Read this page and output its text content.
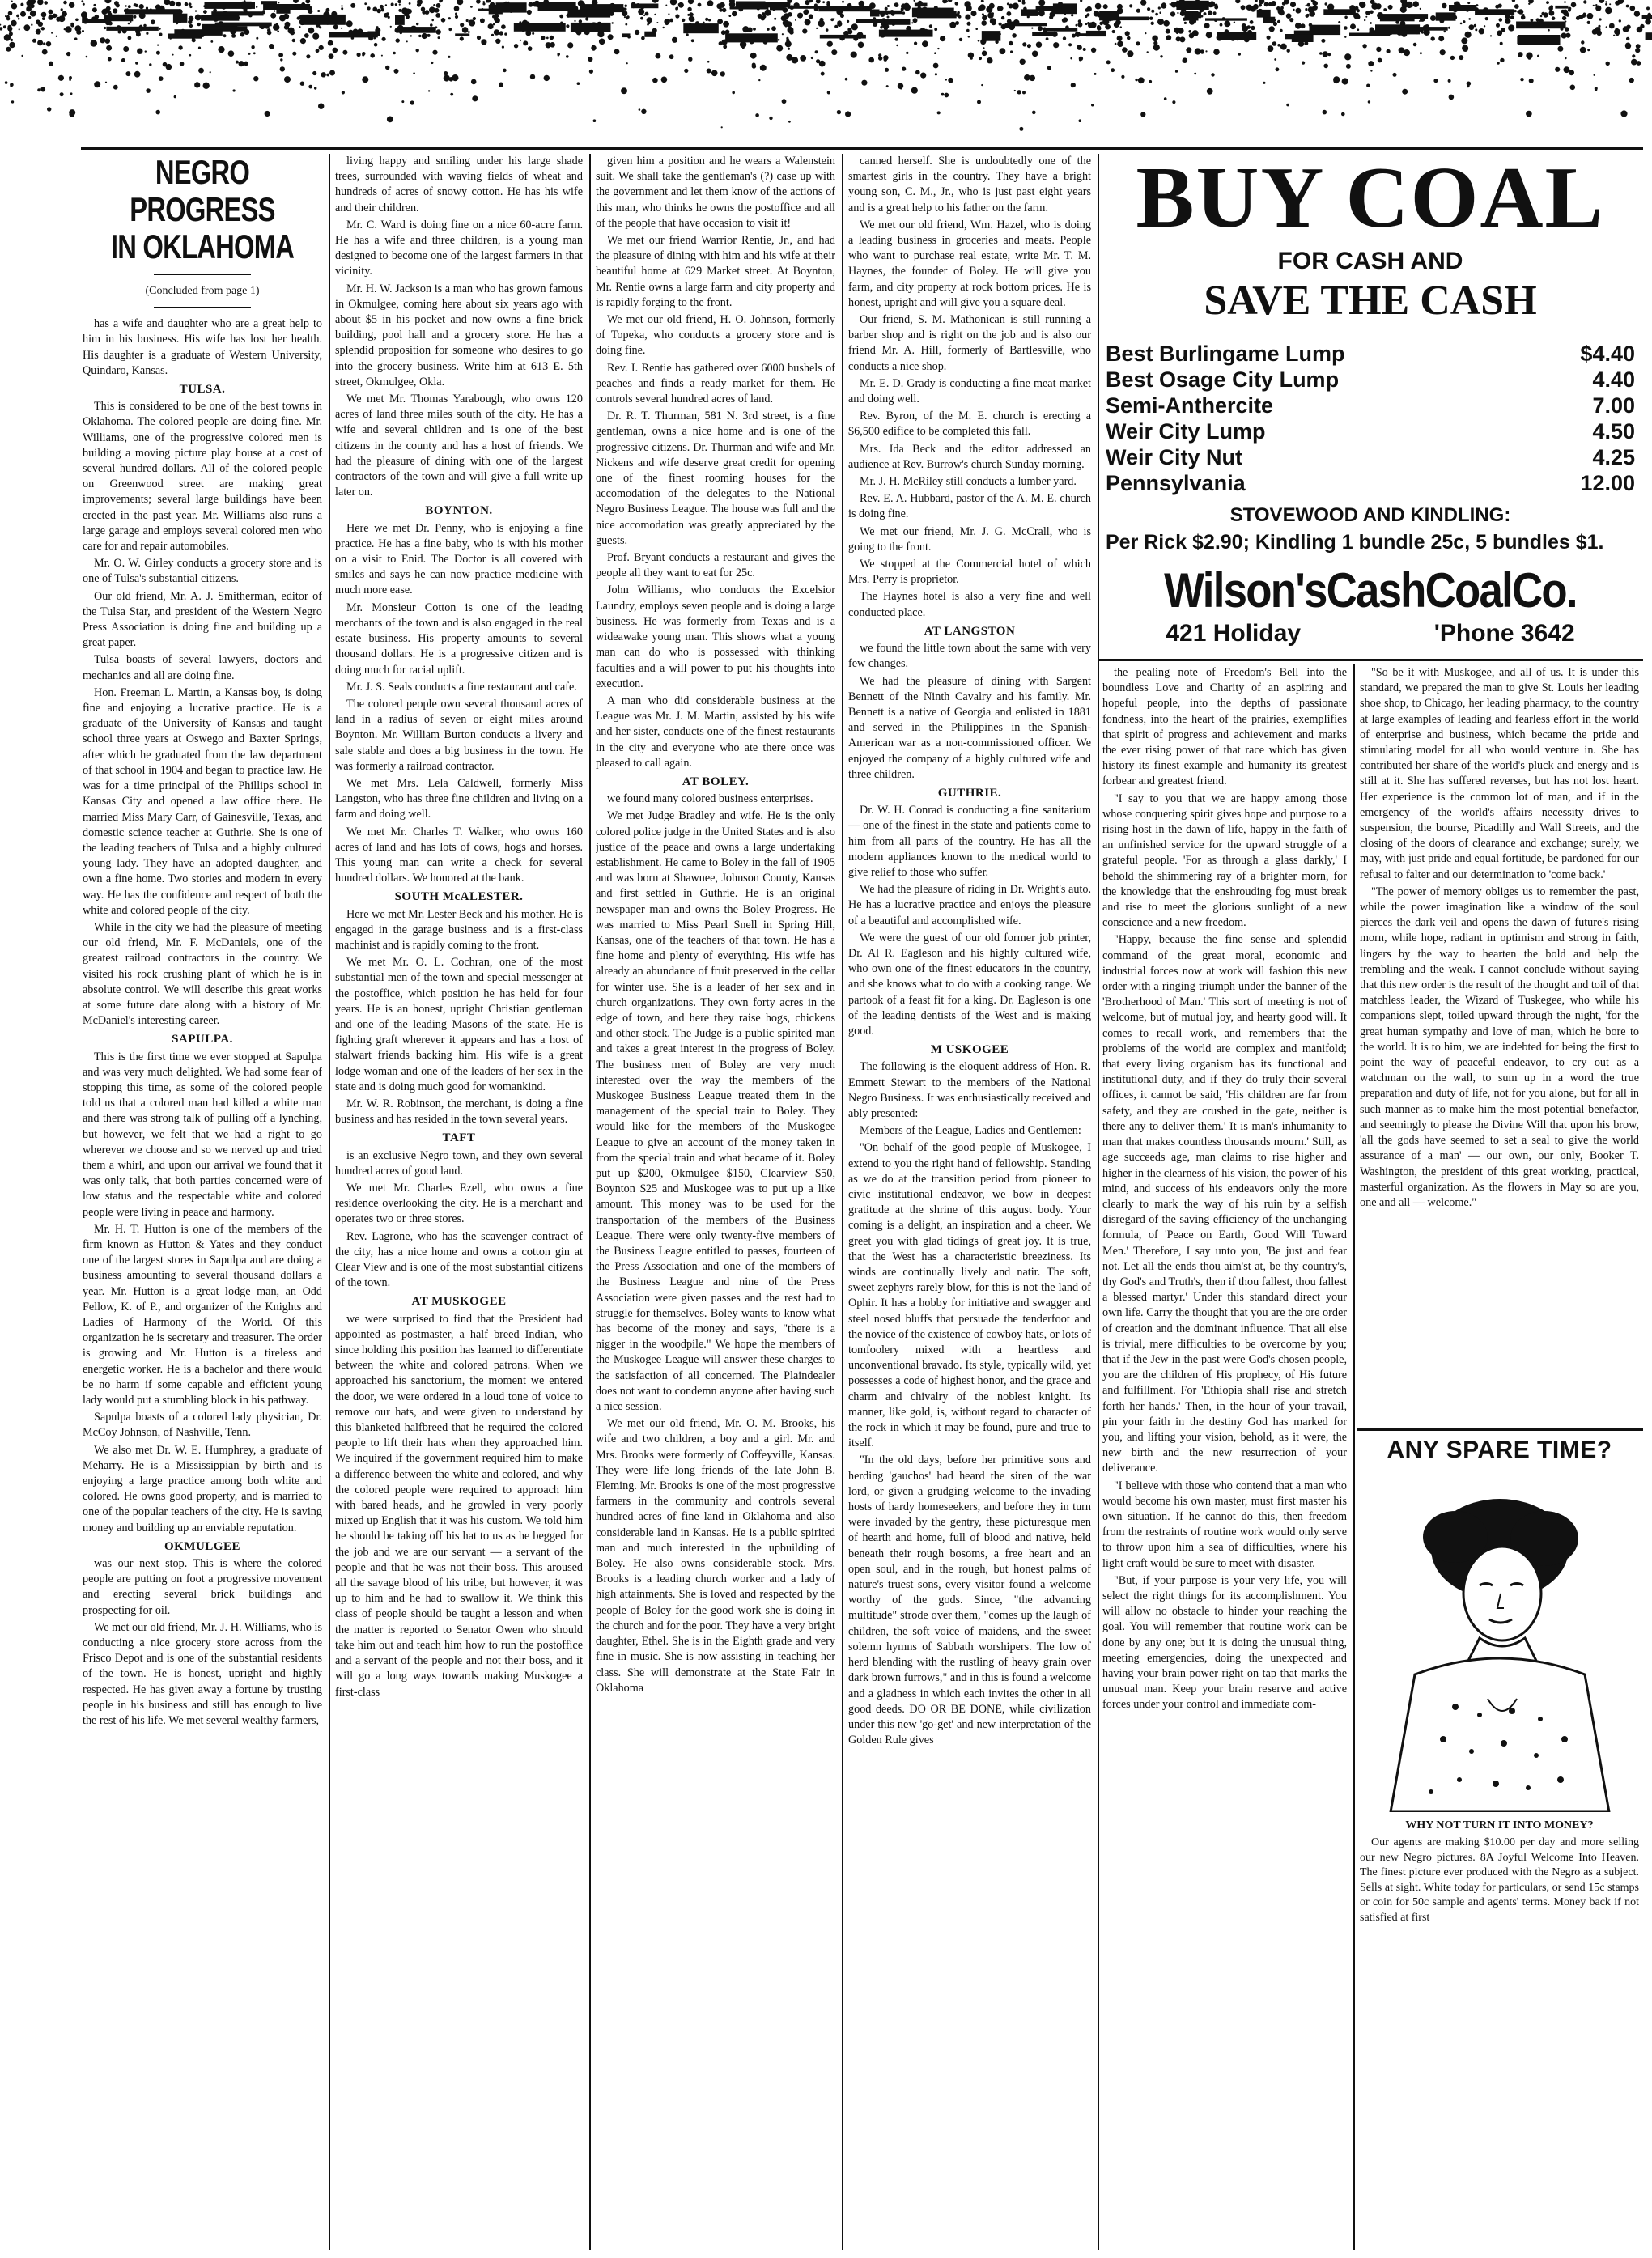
NEGRO PROGRESS
IN OKLAHOMA
(Concluded from page 1)

has a wife and daughter who are a great help to him in his business. His wife has lost her health. His daughter is a graduate of Western University, Quindaro, Kansas.

TULSA.

This is considered to be one of the best towns in Oklahoma. The colored people are doing fine. Mr. Williams, one of the progressive colored men is building a moving picture play house at a cost of several hundred dollars. All of the colored people on Greenwood street are making great improvements; several large buildings have been erected in the past year. Mr. Williams also runs a large garage and employs several colored men who care for and repair automobiles.

Mr. O. W. Girley conducts a grocery store and is one of Tulsa's substantial citizens.

Our old friend, Mr. A. J. Smitherman, editor of the Tulsa Star, and president of the Western Negro Press Association is doing fine and building up a great paper.

Tulsa boasts of several lawyers, doctors and mechanics and all are doing fine.

Hon. Freeman L. Martin, a Kansas boy, is doing fine and enjoying a lucrative practice. He is a graduate of the University of Kansas and taught school three years at Oswego and Baxter Springs, after which he graduated from the law department of that school in 1904 and began to practice law. He was for a time principal of the Phillips school in Kansas City and opened a law office there. He married Miss Mary Carr, of Gainesville, Texas, and domestic science teacher at Guthrie. She is one of the leading teachers of Tulsa and a highly cultured young lady. They have an adopted daughter, and own a fine home. Two stories and modern in every way. He has the confidence and respect of both the white and colored people of the city.

While in the city we had the pleasure of meeting our old friend, Mr. F. McDaniels, one of the greatest railroad contractors in the country. We visited his rock crushing plant of which he is in absolute control. We will describe this great works at some future date along with a history of Mr. McDaniel's interesting career.

SAPULPA.

This is the first time we ever stopped at Sapulpa and was very much delighted. We had some fear of stopping this time, as some of the colored people told us that a colored man had killed a white man and there was strong talk of pulling off a lynching, but however, we felt that we had a right to go wherever we choose and so we nerved up and tried them a whirl, and upon our arrival we found that it was only talk, that both parties concerned were of low status and the respectable white and colored people were living in peace and harmony.

Mr. H. T. Hutton is one of the members of the firm known as Hutton & Yates and they conduct one of the largest stores in Sapulpa and are doing a business amounting to several thousand dollars a year. Mr. Hutton is a great lodge man, an Odd Fellow, K. of P., and organizer of the Knights and Ladies of Harmony of the World. Of this organization he is secretary and treasurer. The order is growing and Mr. Hutton is a tireless and energetic worker. He is a bachelor and there would be no harm if some capable and efficient young lady would put a stumbling block in his pathway.

Sapulpa boasts of a colored lady physician, Dr. McCoy Johnson, of Nashville, Tenn.

We also met Dr. W. E. Humphrey, a graduate of Meharry. He is a Mississippian by birth and is enjoying a large practice among both white and colored. He owns good property, and is married to one of the popular teachers of the city. He is saving money and building up an enviable reputation.

OKMULGEE

was our next stop. This is where the colored people are putting on foot a progressive movement and erecting several brick buildings and prospecting for oil.

We met our old friend, Mr. J. H. Williams, who is conducting a nice grocery store across from the Frisco Depot and is one of the substantial residents of the town. He is honest, upright and highly respected. He has given away a fortune by trusting people in his business and still has enough to live the rest of his life. We met several wealthy farmers,

living happy and smiling under his large shade trees, surrounded with waving fields of wheat and hundreds of acres of snowy cotton. He has his wife and their children.

Mr. C. Ward is doing fine on a nice 60-acre farm. He has a wife and three children, is a young man designed to become one of the largest farmers in that vicinity.

Mr. H. W. Jackson is a man who has grown famous in Okmulgee, coming here about six years ago with about $5 in his pocket and now owns a fine brick building, pool hall and a grocery store. He has a splendid proposition for someone who desires to go into the grocery business. Write him at 613 E. 5th street, Okmulgee, Okla.

We met Mr. Thomas Yarabough, who owns 120 acres of land three miles south of the city. He has a wife and several children and is one of the best citizens in the county and has a host of friends. We had the pleasure of dining with one of the largest contractors of the town and will give a full write up later on.

BOYNTON.

Here we met Dr. Penny, who is enjoying a fine practice. He has a fine baby, who is with his mother on a visit to Enid. The Doctor is all covered with smiles and says he can now practice medicine with much more ease.

Mr. Monsieur Cotton is one of the leading merchants of the town and is also engaged in the real estate business. His property amounts to several thousand dollars. He is a progressive citizen and is doing much for racial uplift.

Mr. J. S. Seals conducts a fine restaurant and cafe.

The colored people own several thousand acres of land in a radius of seven or eight miles around Boynton. Mr. William Burton conducts a livery and sale stable and does a big business in the town. He was formerly a railroad contractor.

We met Mrs. Lela Caldwell, formerly Miss Langston, who has three fine children and living on a farm and doing well.

We met Mr. Charles T. Walker, who owns 160 acres of land and has lots of cows, hogs and horses. This young man can write a check for several hundred dollars. We honored at the bank.

SOUTH McALESTER.

Here we met Mr. Lester Beck and his mother. He is engaged in the garage business and is a first-class machinist and is rapidly coming to the front.

We met Mr. O. L. Cochran, one of the most substantial men of the town and special messenger at the postoffice, which position he has held for four years. He is an honest, upright Christian gentleman and one of the leading Masons of the state. He is fighting graft wherever it appears and has a host of stalwart friends backing him. His wife is a great lodge woman and one of the leaders of her sex in the state and is doing much good for womankind.

Mr. W. R. Robinson, the merchant, is doing a fine business and has resided in the town several years.

TAFT

is an exclusive Negro town, and they own several hundred acres of good land.

We met Mr. Charles Ezell, who owns a fine residence overlooking the city. He is a merchant and operates two or three stores.

Rev. Lagrone, who has the scavenger contract of the city, has a nice home and owns a cotton gin at Clear View and is one of the most substantial citizens of the town.

AT MUSKOGEE

we were surprised to find that the President had appointed as postmaster, a half breed Indian, who since holding this position has learned to differentiate between the white and colored patrons. When we approached his sanctorium, the moment we entered the door, we were ordered in a loud tone of voice to remove our hats, and were given to understand by this blanketed halfbreed that he required the colored people to lift their hats when they approached him. We inquired if the government required him to make a difference between the white and colored, and why the colored people were required to approach him with bared heads, and he growled in very poorly mixed up English that it was his custom. We told him he should be taking off his hat to us as he begged for the job and we are our servant — a servant of the people and that he was not their boss. This aroused all the savage blood of his tribe, but however, it was up to him and he had to swallow it. We think this class of people should be taught a lesson and when the matter is reported to Senator Owen who should take him out and teach him how to run the postoffice and a servant of the people and not their boss, and it will go a long ways towards making Muskogee a first-class

given him a position and he wears a Walenstein suit. We shall take the gentleman's (?) case up with the government and let them know of the actions of this man, who thinks he owns the postoffice and all of the people that have occasion to visit it!

We met our friend Warrior Rentie, Jr., and had the pleasure of dining with him and his wife at their beautiful home at 629 Market street. At Boynton, Mr. Rentie owns a large farm and city property and is rapidly forging to the front.

We met our old friend, H. O. Johnson, formerly of Topeka, who conducts a grocery store and is doing fine.

Rev. I. Rentie has gathered over 6000 bushels of peaches and finds a ready market for them. He controls several hundred acres of land.

Dr. R. T. Thurman, 581 N. 3rd street, is a fine gentleman, owns a nice home and is one of the progressive citizens. Dr. Thurman and wife and Mr. Nickens and wife deserve great credit for opening one of the finest rooming houses for the accomodation of the delegates to the National Negro Business League. The house was full and the nice accomodation was greatly appreciated by the guests.

Prof. Bryant conducts a restaurant and gives the people all they want to eat for 25c.

John Williams, who conducts the Excelsior Laundry, employs seven people and is doing a large business. He was formerly from Texas and is a wideawake young man. This shows what a young man can do who is possessed with thinking faculties and a will power to put his thoughts into execution.

A man who did considerable business at the League was Mr. J. M. Martin, assisted by his wife and her sister, conducts one of the finest restaurants in the city and everyone who ate there once was pleased to call again.

AT BOLEY.

we found many colored business enterprises.

We met Judge Bradley and wife. He is the only colored police judge in the United States and is also justice of the peace and owns a large undertaking establishment. He came to Boley in the fall of 1905 and was born at Shawnee, Johnson County, Kansas and first settled in Guthrie. He is an original newspaper man and owns the Boley Progress. He was married to Miss Pearl Snell in Spring Hill, Kansas, one of the teachers of that town. He has a fine home and plenty of everything. His wife has already an abundance of fruit preserved in the cellar for winter use. She is a leader of her sex and in church organizations. They own forty acres in the edge of town, and here they raise hogs, chickens and other stock. The Judge is a public spirited man and takes a great interest in the progress of Boley. The business men of Boley are very much interested over the way the members of the Muskogee Business League treated them in the management of the special train to Boley. They would like for the members of the Muskogee League to give an account of the money taken in from the special train and what became of it. Boley put up $200, Okmulgee $150, Clearview $50, Boynton $25 and Muskogee was to put up a like amount. This money was to be used for the transportation of the members of the Business League. There were only twenty-five members of the Business League entitled to passes, fourteen of the Press Association and one of the members of the Business League and nine of the Press Association were given passes and the rest had to struggle for themselves. Boley wants to know what has become of the money and says, "there is a nigger in the woodpile." We hope the members of the Muskogee League will answer these charges to the satisfaction of all concerned. The Plaindealer does not want to condemn anyone after having such a nice session.

We met our old friend, Mr. O. M. Brooks, his wife and two children, a boy and a girl. Mr. and Mrs. Brooks were formerly of Coffeyville, Kansas. They were life long friends of the late John B. Fleming. Mr. Brooks is one of the most progressive farmers in the community and controls several hundred acres of fine land in Oklahoma and also considerable land in Kansas. He is a public spirited man and much interested in the upbuilding of Boley. He also owns considerable stock. Mrs. Brooks is a leading church worker and a lady of high attainments. She is loved and respected by the people of Boley for the good work she is doing in the church and for the poor. They have a very bright daughter, Ethel. She is in the Eighth grade and very fine in music. She is now assisting in teaching her class. She will demonstrate at the State Fair in Oklahoma

canned herself. She is undoubtedly one of the smartest girls in the country. They have a bright young son, C. M., Jr., who is just past eight years and is a great help to his father on the farm.

We met our old friend, Wm. Hazel, who is doing a leading business in groceries and meats. People who want to purchase real estate, write Mr. T. M. Haynes, the founder of Boley. He will give you farm, and city property at rock bottom prices. He is honest, upright and will give you a square deal.

Our friend, S. M. Mathonican is still running a barber shop and is right on the job and is also our friend Mr. A. Hill, formerly of Bartlesville, who conducts a nice shop.

Mr. E. D. Grady is conducting a fine meat market and doing well.

Rev. Byron, of the M. E. church is erecting a $6,500 edifice to be completed this fall.

Mrs. Ida Beck and the editor addressed an audience at Rev. Burrow's church Sunday morning.

Mr. J. H. McRiley still conducts a lumber yard.

Rev. E. A. Hubbard, pastor of the A. M. E. church is doing fine.

We met our friend, Mr. J. G. McCrall, who is going to the front.

We stopped at the Commercial hotel of which Mrs. Perry is proprietor.

The Haynes hotel is also a very fine and well conducted place.

AT LANGSTON

we found the little town about the same with very few changes.

We had the pleasure of dining with Sargent Bennett of the Ninth Cavalry and his family. Mr. Bennett is a native of Georgia and enlisted in 1881 and served in the Philippines in the Spanish-American war as a non-commissioned officer. We enjoyed the company of a highly cultured wife and three children.

GUTHRIE.

Dr. W. H. Conrad is conducting a fine sanitarium — one of the finest in the state and patients come to him from all parts of the country. He has all the modern appliances known to the medical world to give relief to those who suffer.

We had the pleasure of riding in Dr. Wright's auto. He has a lucrative practice and enjoys the pleasure of a beautiful and accomplished wife.

We were the guest of our old former job printer, Dr. Al R. Eagleson and his highly cultured wife, who own one of the finest educators in the country, and she knows what to do with a cooking range. We partook of a feast fit for a king. Dr. Eagleson is one of the leading dentists of the West and is making good.

M USKOGEE

The following is the eloquent address of Hon. R. Emmett Stewart to the members of the National Negro Business. It was enthusiastically received and ably presented:

Members of the League, Ladies and Gentlemen:

"On behalf of the good people of Muskogee, I extend to you the right hand of fellowship. Standing as we do at the transition period from pioneer to civic institutional endeavor, we bow in deepest gratitude at the shrine of this august body. Your coming is a delight, an inspiration and a cheer. We greet you with glad tidings of great joy. It is true, that the West has a characteristic breeziness. Its winds are continually lively and natir. The soft, sweet zephyrs rarely blow, for this is not the land of Ophir. It has a hobby for initiative and swagger and steel nosed bluffs that persuade the tenderfoot and the novice of the existence of cowboy hats, or lots of tomfoolery mixed with a heartless and unconventional bravado. Its style, typically wild, yet possesses a code of highest honor, and the grace and charm and chivalry of the noblest knight. Its manner, like gold, is, without regard to character of the rock in which it may be found, pure and true to itself.

"In the old days, before her primitive sons and herding 'gauchos' had heard the siren of the war lord, or given a grudging welcome to the invading hosts of hardy homeseekers, and before they in turn were invaded by the gentry, these picturesque men of hearth and home, full of blood and native, held beneath their rough bosoms, a free heart and an open soul, and in the rough, but honest palms of nature's truest sons, every visitor found a welcome worthy of the gods. Since, "the advancing multitude" strode over them, "comes up the laugh of children, the soft voice of maidens, and the sweet solemn hymns of Sabbath worshipers. The low of herd blending with the rustling of heavy grain over dark brown furrows," and in this is found a welcome and a gladness in which each invites the other in all good deeds. DO OR BE DONE, while civilization under this new 'go-get' and new interpretation of the Golden Rule gives

BUY COAL
FOR CASH AND
SAVE THE CASH
Best Burlingame Lump	$4.40
Best Osage City Lump	4.40
Semi-Anthercite	7.00
Weir City Lump	4.50
Weir City Nut	4.25
Pennsylvania	12.00
STOVEWOOD AND KINDLING:
Per Rick $2.90; Kindling 1 bundle 25c, 5 bundles $1.
Wilson'sCashCoalCo.
421 Holiday	'Phone 3642

the pealing note of Freedom's Bell into the boundless Love and Charity of an aspiring and hopeful people, into the depths of passionate fondness, into the heart of the prairies, exemplifies that spirit of progress and achievement and marks the ever rising power of that race which has given history its finest example and humanity its greatest forbear and greatest friend.

"I say to you that we are happy among those whose conquering spirit gives hope and purpose to a rising host in the dawn of life, happy in the faith of an unfinished service for the upward struggle of a grateful people. 'For as through a glass darkly,' I behold the shimmering ray of a brighter morn, for the knowledge that the enshrouding fog must break and rise to meet the glorious sunlight of a new conscience and a new freedom.

"Happy, because the fine sense and splendid command of the great moral, economic and industrial forces now at work will fashion this new order with a ringing triumph under the banner of the 'Brotherhood of Man.' This sort of meeting is not of welcome, but of mutual joy, and hearty good will. It comes to recall work, and remembers that the problems of the world are complex and manifold; that every living organism has its functional and institutional duty, and if they do truly their several offices, it cannot be said, 'His children are far from safety, and they are crushed in the gate, neither is there any to deliver them.' It is man's inhumanity to man that makes countless thousands mourn.' Still, as age succeeds age, man claims to rise higher and higher in the clearness of his vision, the power of his mind, and success of his endeavors only the more clearly to mark the way of his ruin by a selfish disregard of the saving efficiency of the unchanging formula, of 'Peace on Earth, Good Will Toward Men.' Therefore, I say unto you, 'Be just and fear not. Let all the ends thou aim'st at, be thy country's, thy God's and Truth's, then if thou fallest, thou fallest a blessed martyr.' Under this standard direct your own life. Carry the thought that you are the ore order of creation and the dominant influence. That all else is trivial, mere difficulties to be overcome by you; that if the Jew in the past were God's chosen people, you are the children of His prophecy, of His future and fulfillment. For 'Ethiopia shall rise and stretch forth her hands.' Then, in the hour of your travail, pin your faith in the destiny God has marked for you, and lifting your vision, behold, as it were, the new birth and the new resurrection of your deliverance.

"I believe with those who contend that a man who would become his own master, must first master his own situation. If he cannot do this, then freedom from the restraints of routine work would only serve to throw upon him a sea of difficulties, where his light craft would be sure to meet with disaster.

"But, if your purpose is your very life, you will select the right things for its accomplishment. You will allow no obstacle to hinder your reaching the goal. You will remember that routine work can be done by any one; but it is doing the unusual thing, meeting emergencies, doing the unexpected and having your brain power right on tap that marks the unusual man. Keep your brain reserve and active forces under your control and immediate com-

"So be it with Muskogee, and all of us. It is under this standard, we prepared the man to give St. Louis her leading shoe shop, to Chicago, her leading pharmacy, to the country at large examples of leading and fearless effort in the world of enterprise and business, which became the pride and stimulating model for all who would venture in. She has contributed her share of the world's pluck and energy and is still at it. She has suffered reverses, but has not lost heart. Her experience is the common lot of man, and if in the emergency of the world's affairs necessity drives to suspension, the bourse, Picadilly and Wall Streets, and the closing of the doors of clearance and exchange; surely, we may, with just pride and equal fortitude, be pardoned for our refusal to falter and our determination to 'come back.'

"The power of memory obliges us to remember the past, while the power imagination like a window of the soul pierces the dark veil and opens the dawn of future's rising morn, while hope, radiant in optimism and strong in faith, lingers by the way to hearten the bold and help the trembling and the weak. I cannot conclude without saying that this new order is the result of the thought and toil of that matchless leader, the Wizard of Tuskegee, who while his companions slept, toiled upward through the night, 'for the great human sympathy and love of man, which he bore to the world. It is to him, we are indebted for being the first to point the way of peaceful endeavor, to cry out as a watchman on the wall, to sum up in a word the true preparation and duty of life, not for you alone, but for all in such manner as to make him the most potential benefactor, and seemingly to please the Divine Will that upon his brow, 'all the gods have seemed to set a seal to give the world assurance of a man' — our own, our only, Booker T. Washington, the president of this great working, practical, masterful organization. As the flowers in May so are you, one and all — welcome."

ANY SPARE TIME?
WHY NOT TURN IT INTO MONEY?

Our agents are making $10.00 per day and more selling our new Negro pictures. 8A Joyful Welcome Into Heaven. The finest picture ever produced with the Negro as a subject. Sells at sight. White today for particulars, or send 15c stamps or coin for 50c sample and agents' terms. Money back if not satisfied at first
